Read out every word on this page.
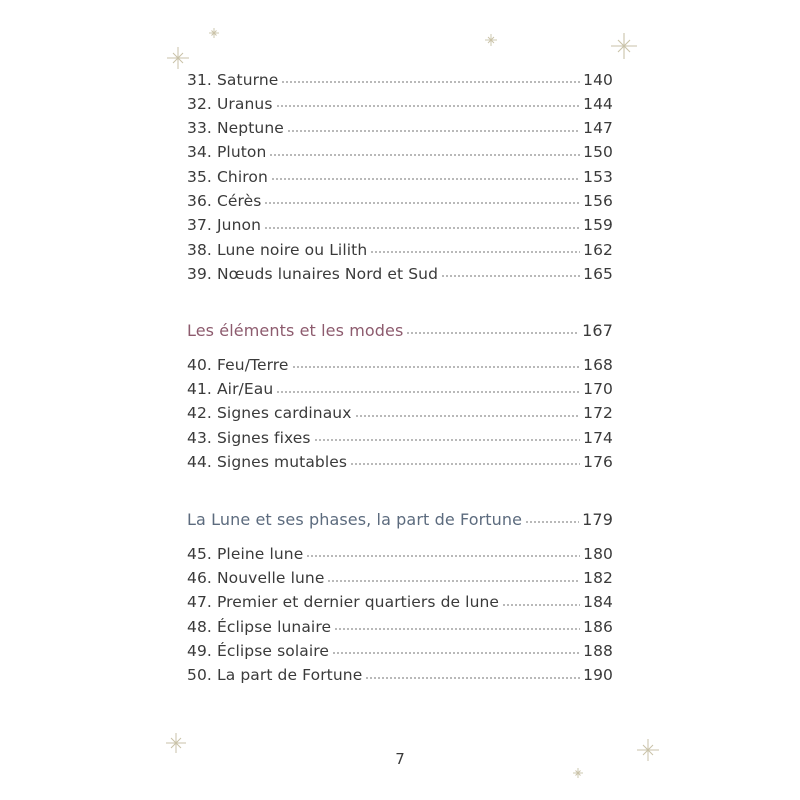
31. Saturne	140
32. Uranus	144
33. Neptune	147
34. Pluton	150
35. Chiron	153
36. Cérès	156
37. Junon	159
38. Lune noire ou Lilith	162
39. Nœuds lunaires Nord et Sud	165
Les éléments et les modes	167
40. Feu/Terre	168
41. Air/Eau	170
42. Signes cardinaux	172
43. Signes fixes	174
44. Signes mutables	176
La Lune et ses phases, la part de Fortune	179
45. Pleine lune	180
46. Nouvelle lune	182
47. Premier et dernier quartiers de lune	184
48. Éclipse lunaire	186
49. Éclipse solaire	188
50. La part de Fortune	190
7
